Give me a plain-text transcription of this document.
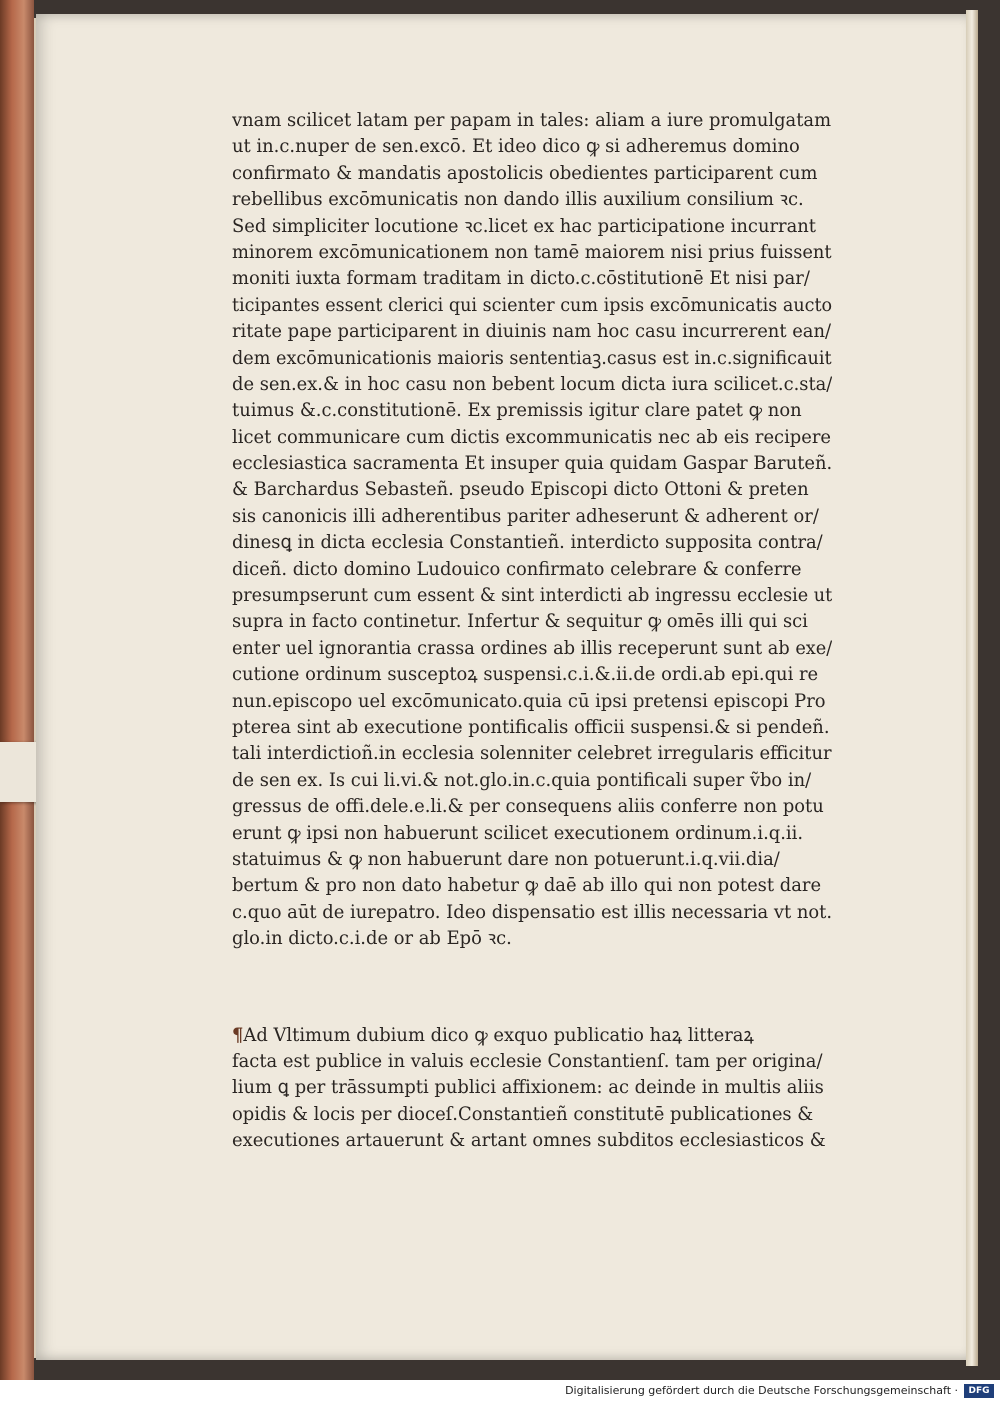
vnam scilicet latam per papam in tales: aliam a iure promulgatam
ut in.c.nuper de sen.excō. Et ideo dico ꝙ si adheremus domino
confirmato & mandatis apostolicis obedientes participarent cum
rebellibus excōmunicatis non dando illis auxilium consilium ꝛc.
Sed simpliciter locutione ꝛc.licet ex hac participatione incurrant
minorem excōmunicationem non tamē maiorem nisi prius fuissent
moniti iuxta formam traditam in dicto.c.cōstitutionē Et nisi par/
ticipantes essent clerici qui scienter cum ipsis excōmunicatis aucto
ritate pape participarent in diuinis nam hoc casu incurrerent ean/
dem excōmunicationis maioris sententiaꝫ.casus est in.c.significauit
de sen.ex.& in hoc casu non bebent locum dicta iura scilicet.c.sta/
tuimus &.c.constitutionē. Ex premissis igitur clare patet ꝙ non
licet communicare cum dictis excommunicatis nec ab eis recipere
ecclesiastica sacramenta Et insuper quia quidam Gaspar Baruteñ.
& Barchardus Sebasteñ. pseudo Episcopi dicto Ottoni & preten
sis canonicis illi adherentibus pariter adheserunt & adherent or/
dinesꝗ in dicta ecclesia Constantieñ. interdicto supposita contra/
diceñ. dicto domino Ludouico confirmato celebrare & conferre
presumpserunt cum essent & sint interdicti ab ingressu ecclesie ut
supra in facto continetur. Infertur & sequitur ꝙ omēs illi qui sci
enter uel ignorantia crassa ordines ab illis receperunt sunt ab exe/
cutione ordinum susceptoꝝ suspensi.c.i.&.ii.de ordi.ab epi.qui re
nun.episcopo uel excōmunicato.quia cū ipsi pretensi episcopi Pro
pterea sint ab executione pontificalis officii suspensi.& si pendeñ.
tali interdictioñ.in ecclesia solenniter celebret irregularis efficitur
de sen ex. Is cui li.vi.& not.glo.in.c.quia pontificali super ṽbo in/
gressus de offi.dele.e.li.& per consequens aliis conferre non potu
erunt ꝙ ipsi non habuerunt scilicet executionem ordinum.i.q.ii.
statuimus & ꝙ non habuerunt dare non potuerunt.i.q.vii.dia/
bertum & pro non dato habetur ꝙ daē ab illo qui non potest dare
c.quo aūt de iurepatro. Ideo dispensatio est illis necessaria vt not.
glo.in dicto.c.i.de or ab Epō ꝛc.
¶Ad Vltimum dubium dico ꝙ exquo publicatio haꝝ litteraꝝ
facta est publice in valuis ecclesie Constantienſ. tam per origina/
lium ꝗ per trāssumpti publici affixionem: ac deinde in multis aliis
opidis & locis per dioceſ.Constantieñ constitutē publicationes &
executiones artauerunt & artant omnes subditos ecclesiasticos &
Digitalisierung gefördert durch die Deutsche Forschungsgemeinschaft ·	DFG
